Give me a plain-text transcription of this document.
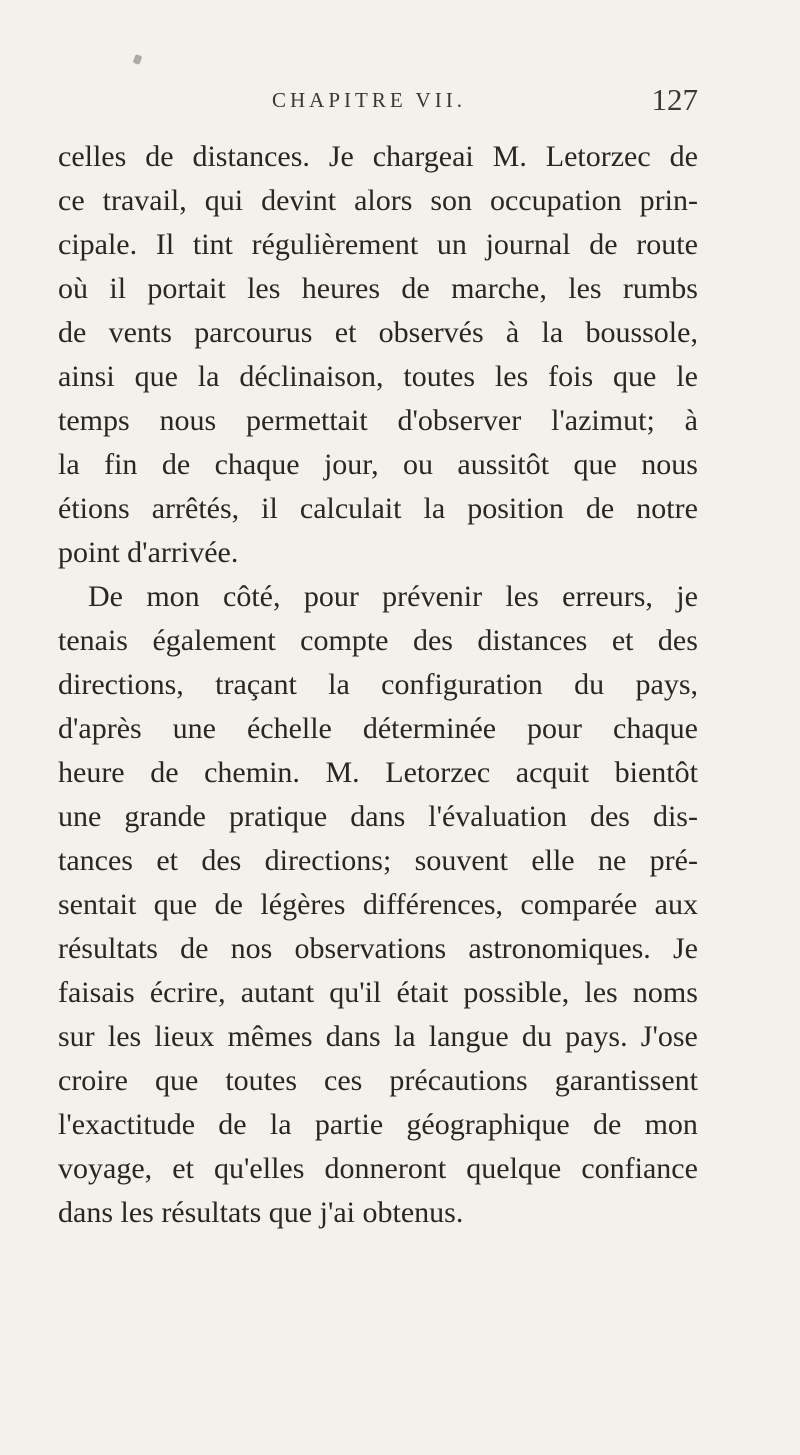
CHAPITRE VII.	127
celles de distances. Je chargeai M. Letorzec de
ce travail, qui devint alors son occupation prin-
cipale. Il tint régulièrement un journal de route
où il portait les heures de marche, les rumbs
de vents parcourus et observés à la boussole,
ainsi que la déclinaison, toutes les fois que le
temps nous permettait d'observer l'azimut; à
la fin de chaque jour, ou aussitôt que nous
étions arrêtés, il calculait la position de notre
point d'arrivée.
De mon côté, pour prévenir les erreurs, je
tenais également compte des distances et des
directions, traçant la configuration du pays,
d'après une échelle déterminée pour chaque
heure de chemin. M. Letorzec acquit bientôt
une grande pratique dans l'évaluation des dis-
tances et des directions; souvent elle ne pré-
sentait que de légères différences, comparée aux
résultats de nos observations astronomiques. Je
faisais écrire, autant qu'il était possible, les noms
sur les lieux mêmes dans la langue du pays. J'ose
croire que toutes ces précautions garantissent
l'exactitude de la partie géographique de mon
voyage, et qu'elles donneront quelque confiance
dans les résultats que j'ai obtenus.
